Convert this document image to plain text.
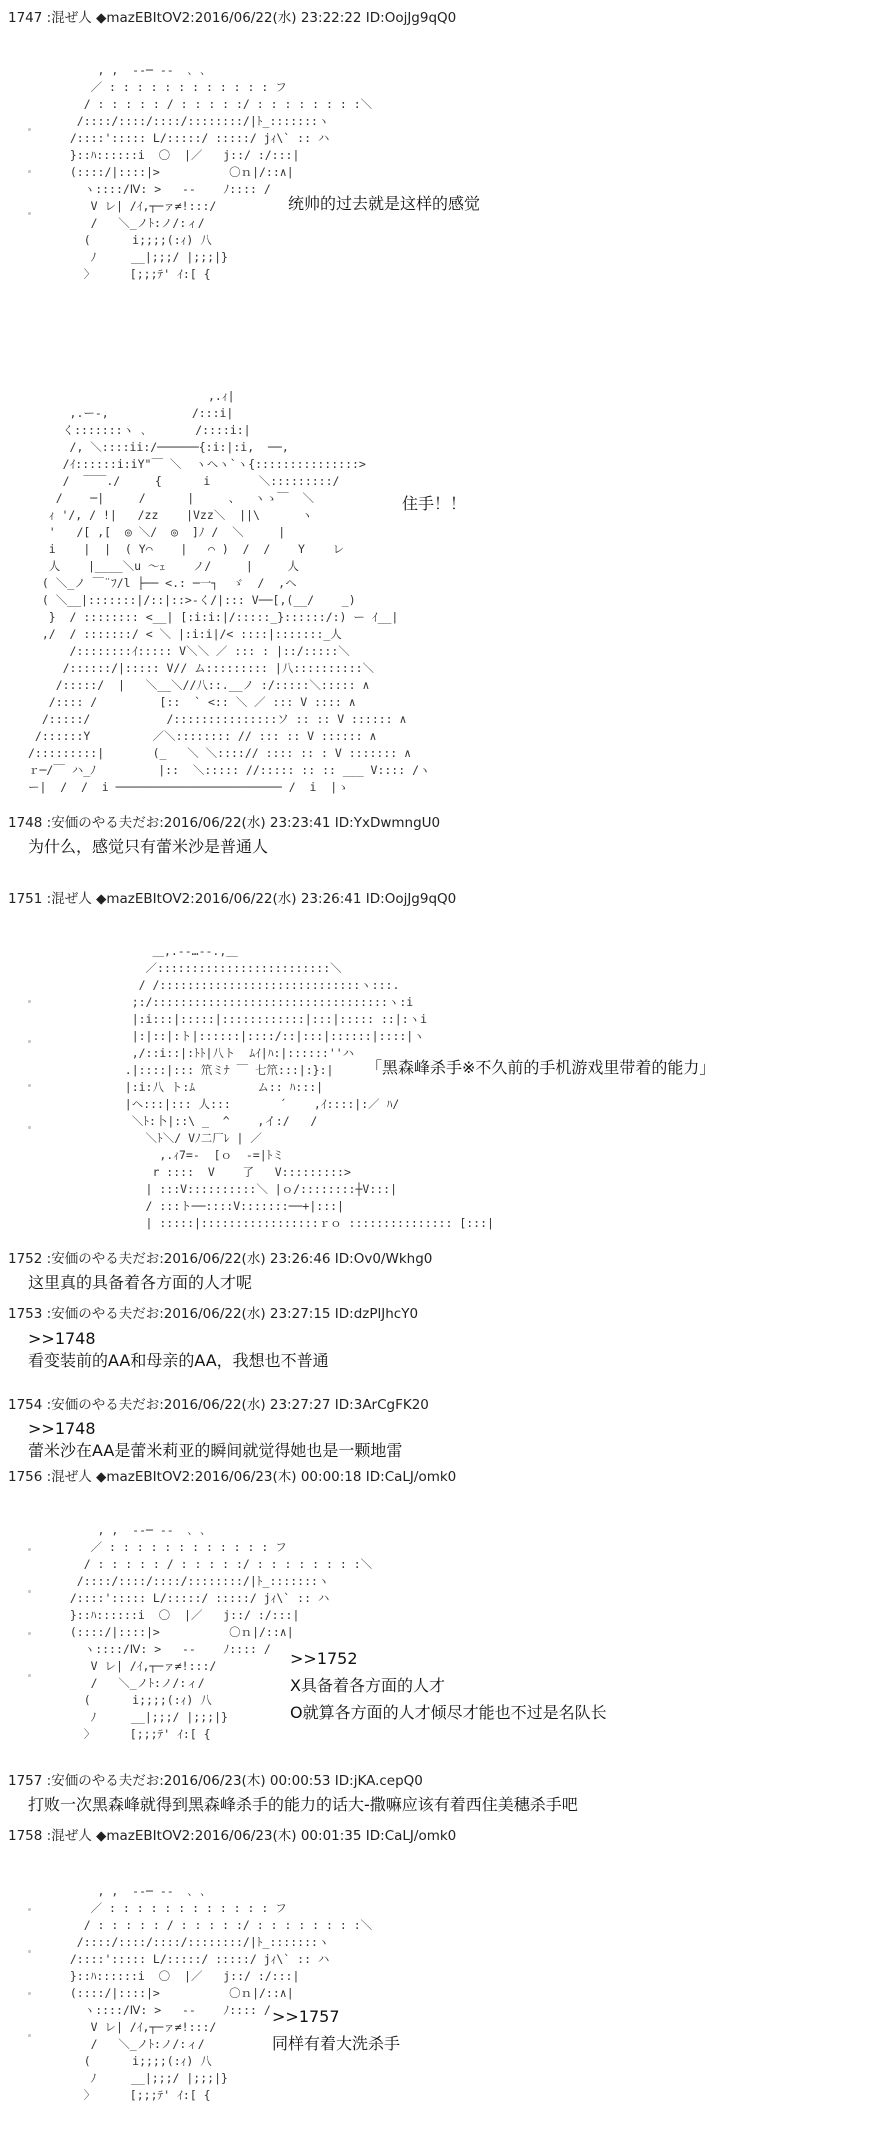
1747 :混ぜ人 ◆mazEBItOV2:2016/06/22(水) 23:22:22 ID:OojJg9qQ0
, ,  -‐─ ‐-  ､ ､
／ : : : : : : : : : : : : フ
/ : : : : : / : : : : :/ : : : : : : : :＼
/::::/::::/::::/::::::::/|ﾄ_:::::::ヽ
/::::'::::: L/:::::/ :::::/ jｨ\` :: ハ
}::ﾊ::::::i  〇  |／   j::/ :/:::|
(::::/|::::|>          〇ｎ|/::∧|
ヽ::::/Ⅳ: >   ‐‐    ﾉ:::: /
V レ| /ｲ,┬─ァ≠!:::/
/   ＼_ノﾄ:ノ/:ィ/
(      i;;;;(:ｨ) 八
ﾉ     __|;;;/ |;;;|}
〉     [;;;ﾃ' ｲ:[ {
统帅的过去就是这样的感觉
,.ｨ|
,.ー-,            /:::i|
く:::::::ヽ ､       /::::i:|
/, ＼::::ii:/──────{:i:|:i,  ──,
/ｲ::::::i:iY"￣ ＼  ヽヘヽ`ヽ{:::::::::::::::>
/  ￣￣./     {      i       ＼:::::::::/
/    ─|     /      |     、  ヽゝ￣  ＼
ｨ '/, / !|   /zz    |Vzz＼  ||\      ヽ
'   /[ ,[  ◎ ＼/  ◎  ]ﾉ /  ＼     |
i    |  |  ( Y⌒    |   ⌒ )  /  /    Y    レ
人    |____＼u 〜ｪ    ノ/     |     人
( ＼_ノ ￣¨ﾌ/l ├── <.: ─一┐  ゞ  /  ,ヘ
( ＼__|:::::::|/::|::>-く/|::: V──[,(__/    _)
}  / :::::::: <__| [:i:i:|/:::::_}::::::/:) ー ｲ__|
,/  / :::::::/ < ＼ |:i:i|/< ::::|:::::::_人
/::::::::ｲ::::: V＼＼ ／ ::: : |::/:::::＼
/::::::/|::::: V// ム::::::::: |八::::::::::＼
/:::::/  |   ＼__＼//八::.__ノ :/:::::＼::::: ∧
/:::: /         [::  ` <:: ＼ ／ ::: V :::: ∧
/:::::/           /:::::::::::::::ソ :: :: V :::::: ∧
/::::::Y         ／＼:::::::: // ::: :: V :::::: ∧
/:::::::::|       (_   ＼ ＼::::// :::: :: : V ::::::: ∧
ｒ─/￣ ハ_ﾉ         |::  ＼::::: //::::: :: :: ___ V:::: /ヽ
ー|  /  /  i ──────────────────────── /  i  |ゝ
住手！！
1748 :安価のやる夫だお:2016/06/22(水) 23:23:41 ID:YxDwmngU0
为什么，感觉只有蕾米沙是普通人
1751 :混ぜ人 ◆mazEBItOV2:2016/06/22(水) 23:26:41 ID:OojJg9qQ0
＿,.-‐…‐-.,＿
／:::::::::::::::::::::::::＼
/ /:::::::::::::::::::::::::::::ヽ:::.
;:/::::::::::::::::::::::::::::::::::ヽ:i
|:i:::|:::::|::::::::::::|:::|::::: ::|:ヽi
|:|::|:ト|::::::|::::/::|:::|::::::|::::|ヽ
,/::i::|:ﾄﾄ|八ト  ﾑｲ|ﾊ:|::::::''ハ
.|::::|::: 笊ミﾅ ￣ 七笊:::|:}:|
|:i:八 ト:ﾑ         ム:: ﾊ:::|
|ヘ:::|::: 人:::       ´    ,ｲ::::|:／ ﾊ/
＼ﾄ:卜|::\ _  ^    ,イ:/   /
＼ﾄ＼/ Vﾉ二厂ﾚ | ／
,.ｨ7=-  [ｏ  -=|ﾄミ
r ::::  V    了   V:::::::::>
| :::V::::::::::＼ |ｏ/::::::::┼V:::|
/ :::ト──::::V:::::::──+|:::|
| :::::|:::::::::::::::::ｒｏ ::::::::::::::: [:::|
「黑森峰杀手※不久前的手机游戏里带着的能力」
1752 :安価のやる夫だお:2016/06/22(水) 23:26:46 ID:Ov0/Wkhg0
这里真的具备着各方面的人才呢
1753 :安価のやる夫だお:2016/06/22(水) 23:27:15 ID:dzPlJhcY0
>>1748
看变装前的AA和母亲的AA，我想也不普通
1754 :安価のやる夫だお:2016/06/22(水) 23:27:27 ID:3ArCgFK20
>>1748
蕾米沙在AA是蕾米莉亚的瞬间就觉得她也是一颗地雷
1756 :混ぜ人 ◆mazEBItOV2:2016/06/23(木) 00:00:18 ID:CaLJ/omk0
, ,  -‐─ ‐-  ､ ､
／ : : : : : : : : : : : : フ
/ : : : : : / : : : : :/ : : : : : : : :＼
/::::/::::/::::/::::::::/|ﾄ_:::::::ヽ
/::::'::::: L/:::::/ :::::/ jｨ\` :: ハ
}::ﾊ::::::i  〇  |／   j::/ :/:::|
(::::/|::::|>          〇ｎ|/::∧|
ヽ::::/Ⅳ: >   ‐‐    ﾉ:::: /
V レ| /ｲ,┬─ァ≠!:::/
/   ＼_ノﾄ:ノ/:ィ/
(      i;;;;(:ｨ) 八
ﾉ     __|;;;/ |;;;|}
〉     [;;;ﾃ' ｲ:[ {
>>1752
X具备着各方面的人才
O就算各方面的人才倾尽才能也不过是名队长
1757 :安価のやる夫だお:2016/06/23(木) 00:00:53 ID:jKA.cepQ0
打败一次黑森峰就得到黑森峰杀手的能力的话大-撒嘛应该有着西住美穗杀手吧
1758 :混ぜ人 ◆mazEBItOV2:2016/06/23(木) 00:01:35 ID:CaLJ/omk0
, ,  -‐─ ‐-  ､ ､
／ : : : : : : : : : : : : フ
/ : : : : : / : : : : :/ : : : : : : : :＼
/::::/::::/::::/::::::::/|ﾄ_:::::::ヽ
/::::'::::: L/:::::/ :::::/ jｨ\` :: ハ
}::ﾊ::::::i  〇  |／   j::/ :/:::|
(::::/|::::|>          〇ｎ|/::∧|
ヽ::::/Ⅳ: >   ‐‐    ﾉ:::: /
V レ| /ｲ,┬─ァ≠!:::/
/   ＼_ノﾄ:ノ/:ィ/
(      i;;;;(:ｨ) 八
ﾉ     __|;;;/ |;;;|}
〉     [;;;ﾃ' ｲ:[ {
>>1757
同样有着大洗杀手
